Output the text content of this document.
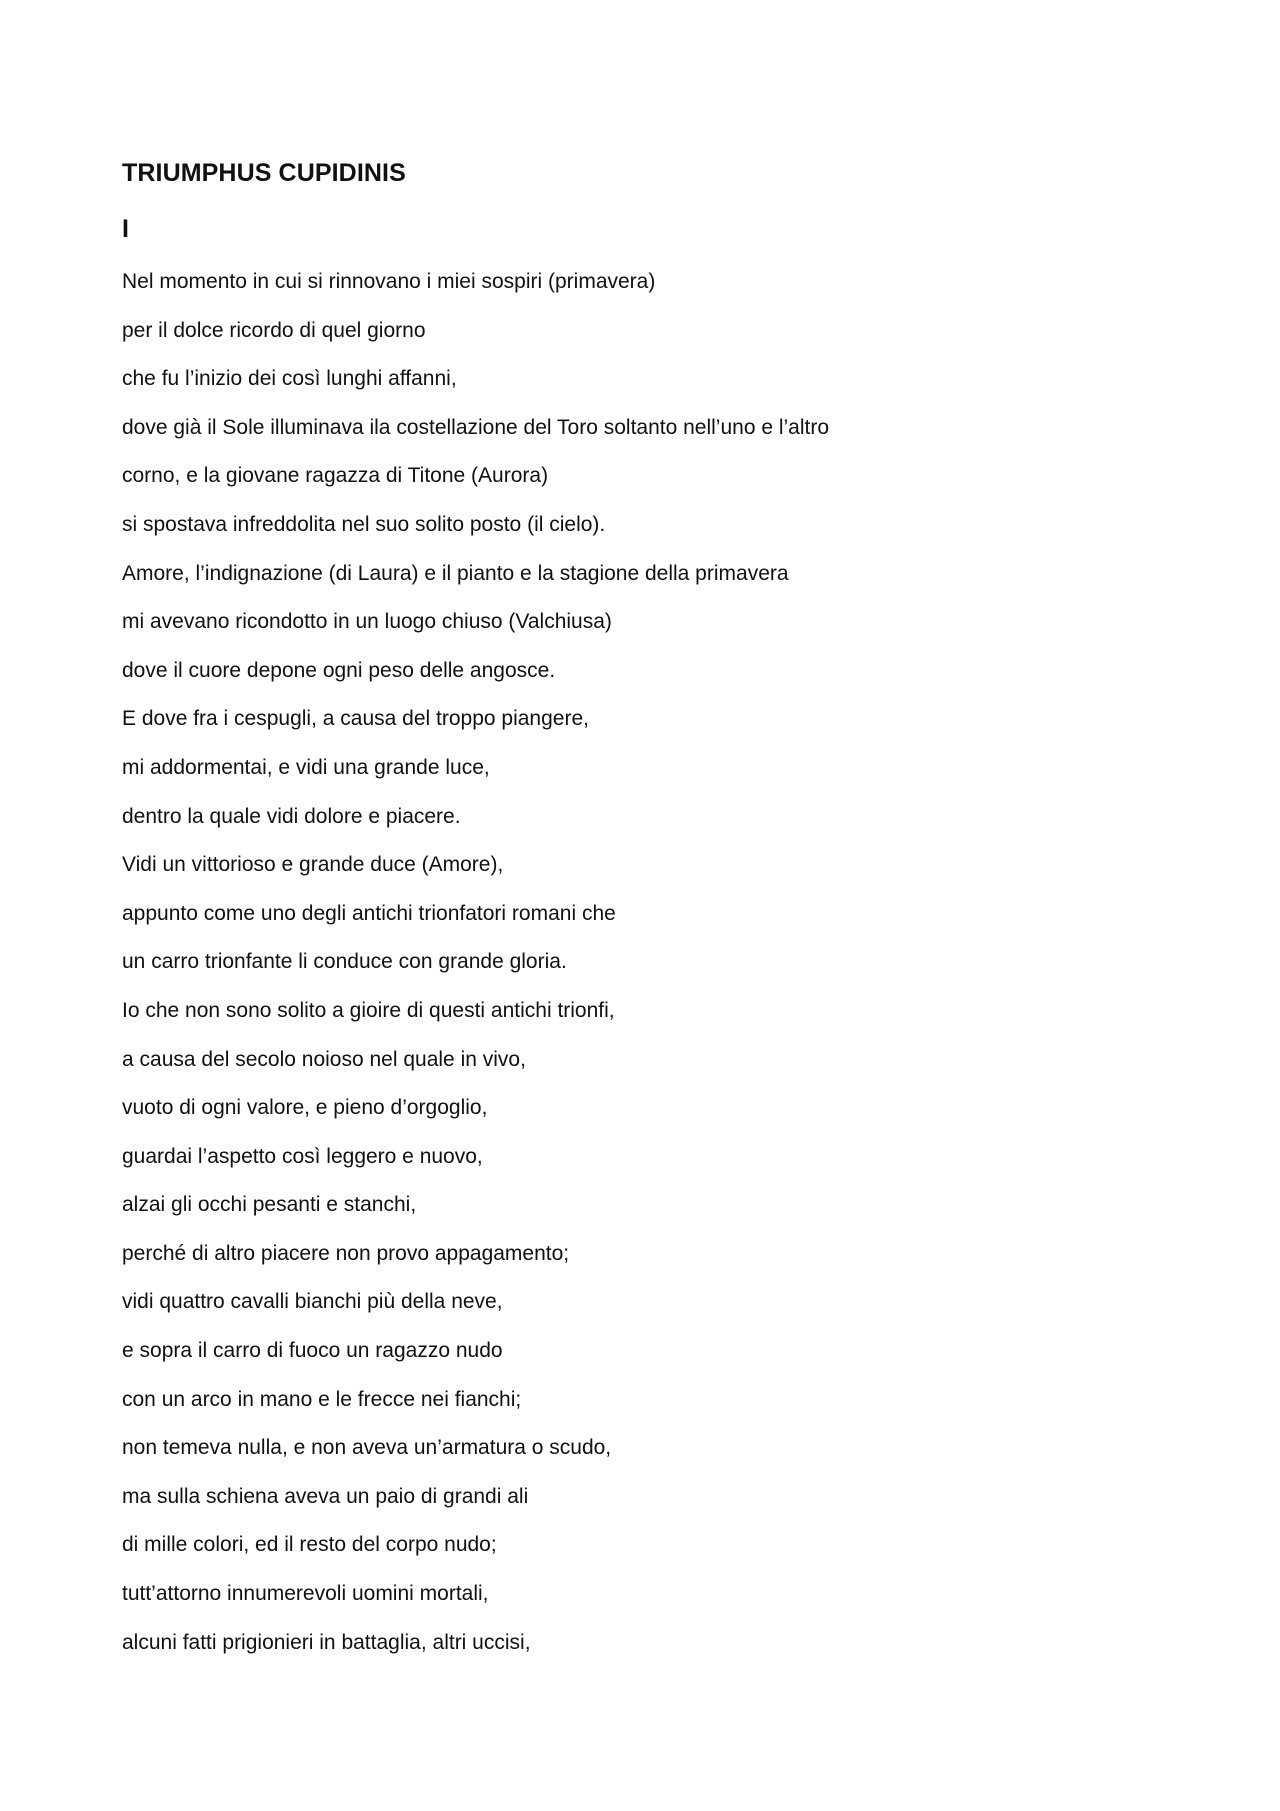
TRIUMPHUS CUPIDINIS
I
Nel momento in cui si rinnovano i miei sospiri (primavera)
per il dolce ricordo di quel giorno
che fu l’inizio dei così lunghi affanni,
dove già il Sole illuminava ila costellazione del Toro soltanto nell’uno e l’altro
corno, e la giovane ragazza di Titone (Aurora)
si spostava infreddolita nel suo solito posto (il cielo).
Amore, l’indignazione (di Laura) e il pianto e la stagione della primavera
mi avevano ricondotto in un luogo chiuso (Valchiusa)
dove il cuore depone ogni peso delle angosce.
E dove fra i cespugli, a causa del troppo piangere,
mi addormentai, e vidi una grande luce,
dentro la quale vidi dolore e piacere.
Vidi un vittorioso e grande duce (Amore),
appunto come uno degli antichi trionfatori romani che
un carro trionfante li conduce con grande gloria.
Io che non sono solito a gioire di questi antichi trionfi,
a causa del secolo noioso nel quale in vivo,
vuoto di ogni valore, e pieno d’orgoglio,
guardai l’aspetto così leggero e nuovo,
alzai gli occhi pesanti e stanchi,
perché di altro piacere non provo appagamento;
vidi quattro cavalli bianchi più della neve,
e sopra il carro di fuoco un ragazzo nudo
con un arco in mano e le frecce nei fianchi;
non temeva nulla, e non aveva un’armatura o scudo,
ma sulla schiena aveva un paio di grandi ali
di mille colori, ed il resto del corpo nudo;
tutt’attorno innumerevoli uomini mortali,
alcuni fatti prigionieri in battaglia, altri uccisi,
